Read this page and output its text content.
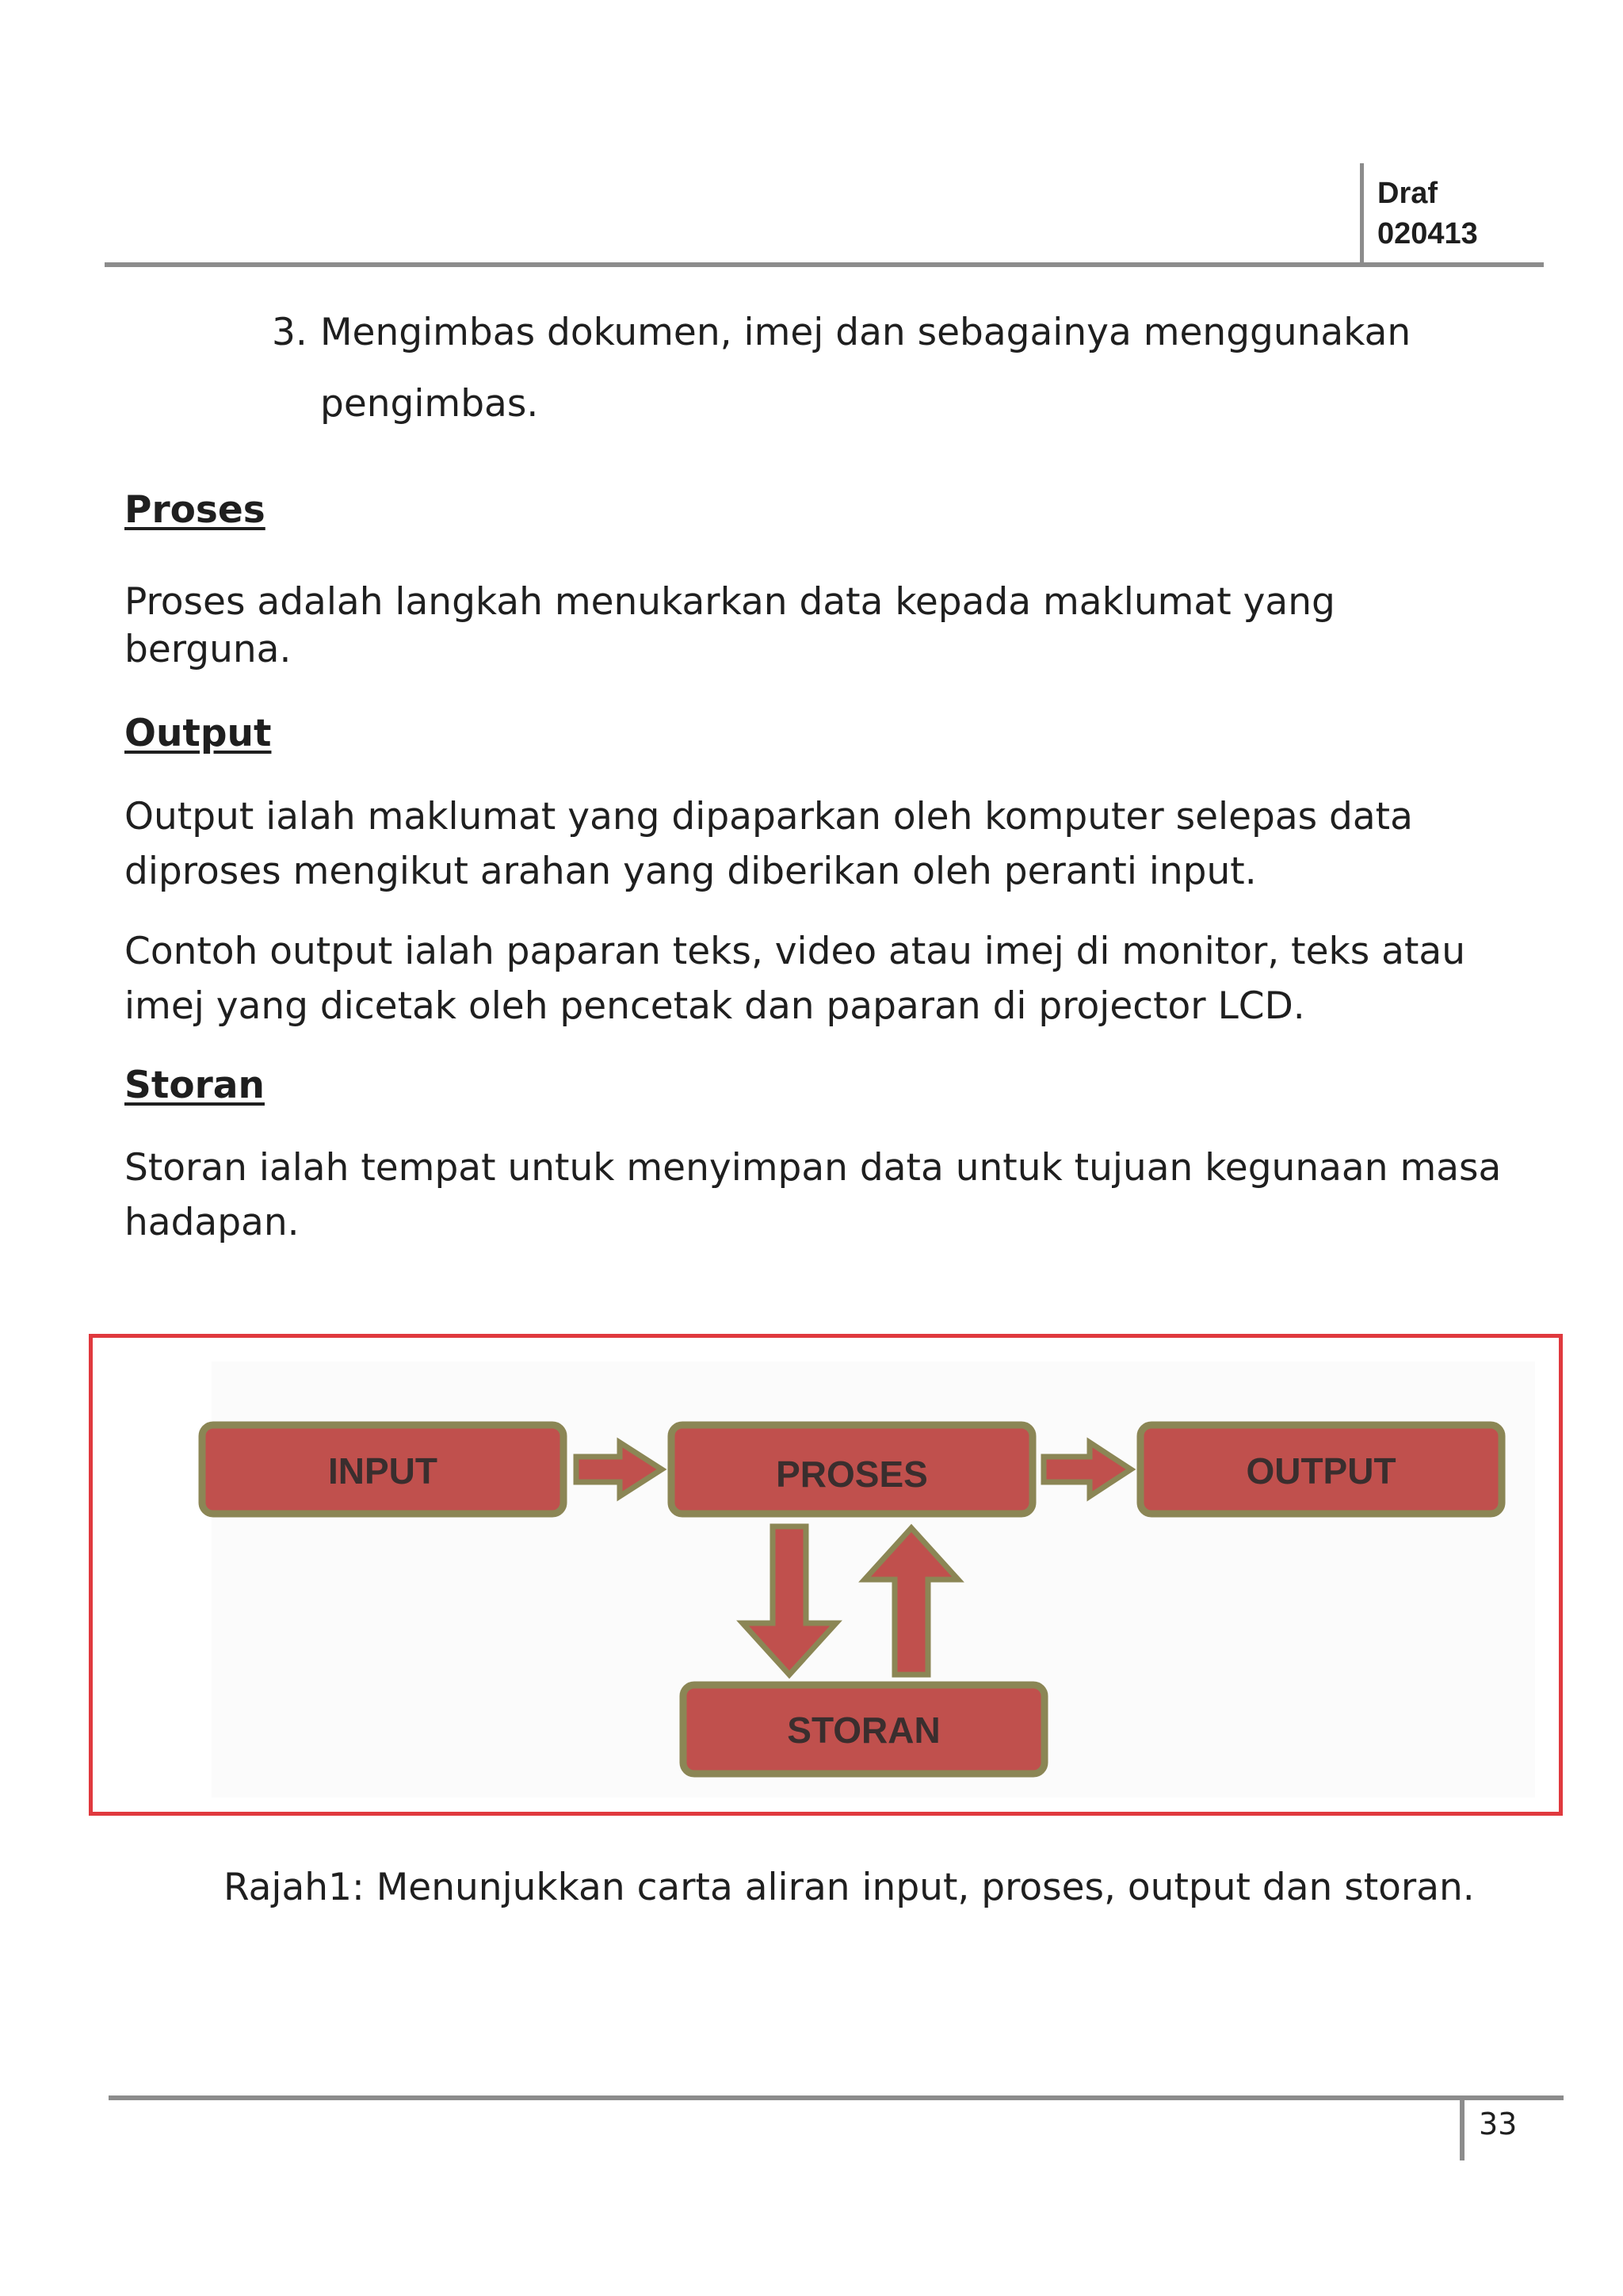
Draf
020413
3. Mengimbas dokumen, imej dan sebagainya menggunakan
pengimbas.
Proses
Proses adalah langkah menukarkan data kepada maklumat yang
berguna.
Output
Output ialah maklumat yang dipaparkan oleh komputer selepas data
diproses mengikut arahan yang diberikan oleh peranti input.
Contoh output ialah paparan teks, video atau imej di monitor, teks atau
imej yang dicetak oleh pencetak dan paparan di projector LCD.
Storan
Storan ialah tempat untuk menyimpan data untuk tujuan kegunaan masa
hadapan.
INPUT	PROSES	OUTPUT
STORAN
Rajah1: Menunjukkan carta aliran input, proses, output dan storan.
33
